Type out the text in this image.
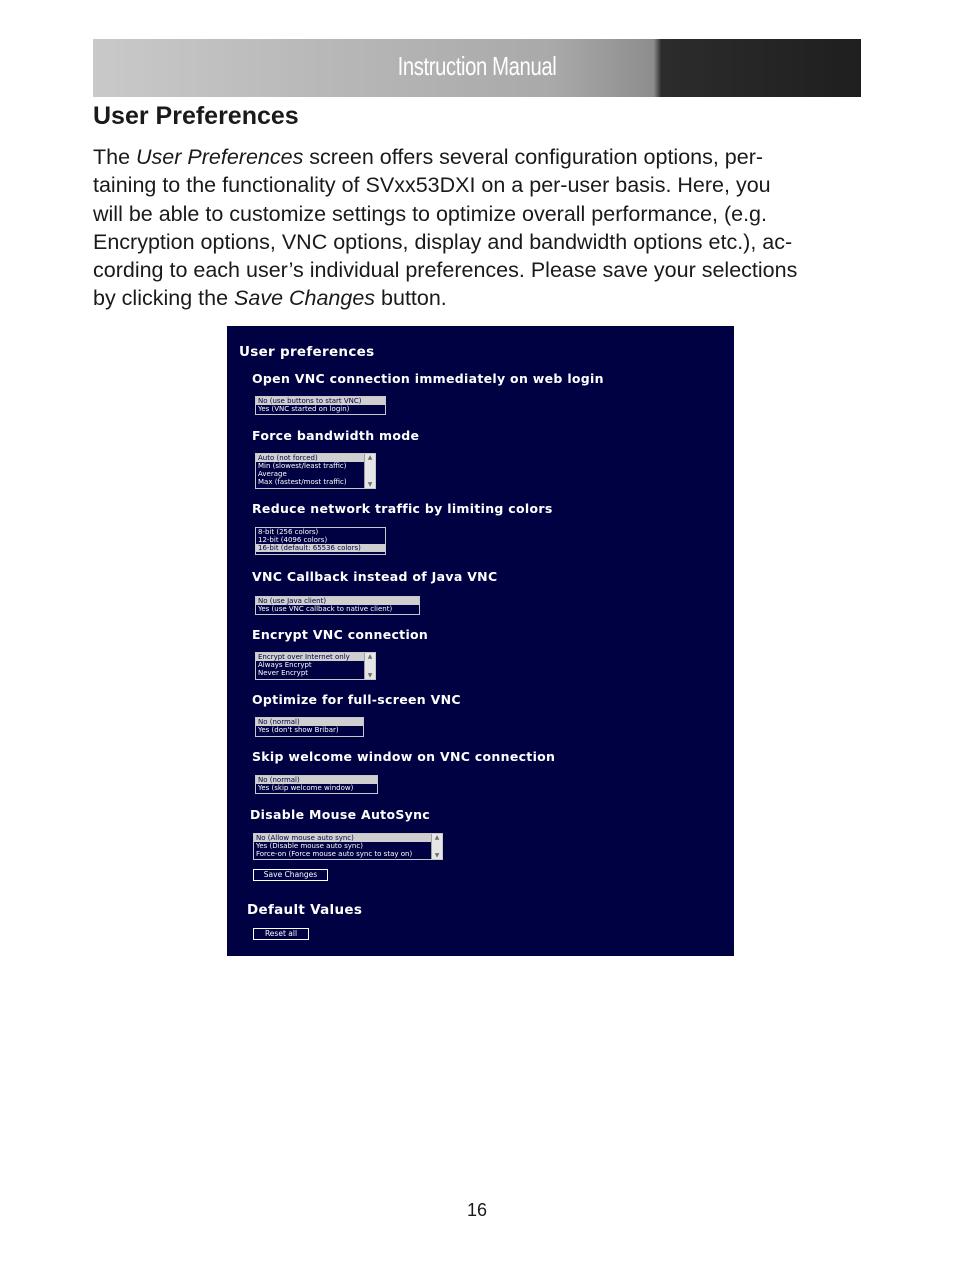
Instruction Manual
User Preferences
The User Preferences screen offers several configuration options, per-
taining to the functionality of SVxx53DXI on a per-user basis. Here, you
will be able to customize settings to optimize overall performance, (e.g.
Encryption options, VNC options, display and bandwidth options etc.), ac-
cording to each user’s individual preferences. Please save your selections
by clicking the Save Changes button.
User preferences
Open VNC connection immediately on web login
No (use buttons to start VNC)
Yes (VNC started on login)
Force bandwidth mode
Auto (not forced)
Min (slowest/least traffic)
Average
Max (fastest/most traffic)
▲
▼
Reduce network traffic by limiting colors
8-bit (256 colors)
12-bit (4096 colors)
16-bit (default: 65536 colors)
VNC Callback instead of Java VNC
No (use Java client)
Yes (use VNC callback to native client)
Encrypt VNC connection
Encrypt over Internet only
Always Encrypt
Never Encrypt
▲
▼
Optimize for full-screen VNC
No (normal)
Yes (don't show Bribar)
Skip welcome window on VNC connection
No (normal)
Yes (skip welcome window)
Disable Mouse AutoSync
No (Allow mouse auto sync)
Yes (Disable mouse auto sync)
Force-on (Force mouse auto sync to stay on)
▲
▼
Save Changes
Default Values
Reset all
16
